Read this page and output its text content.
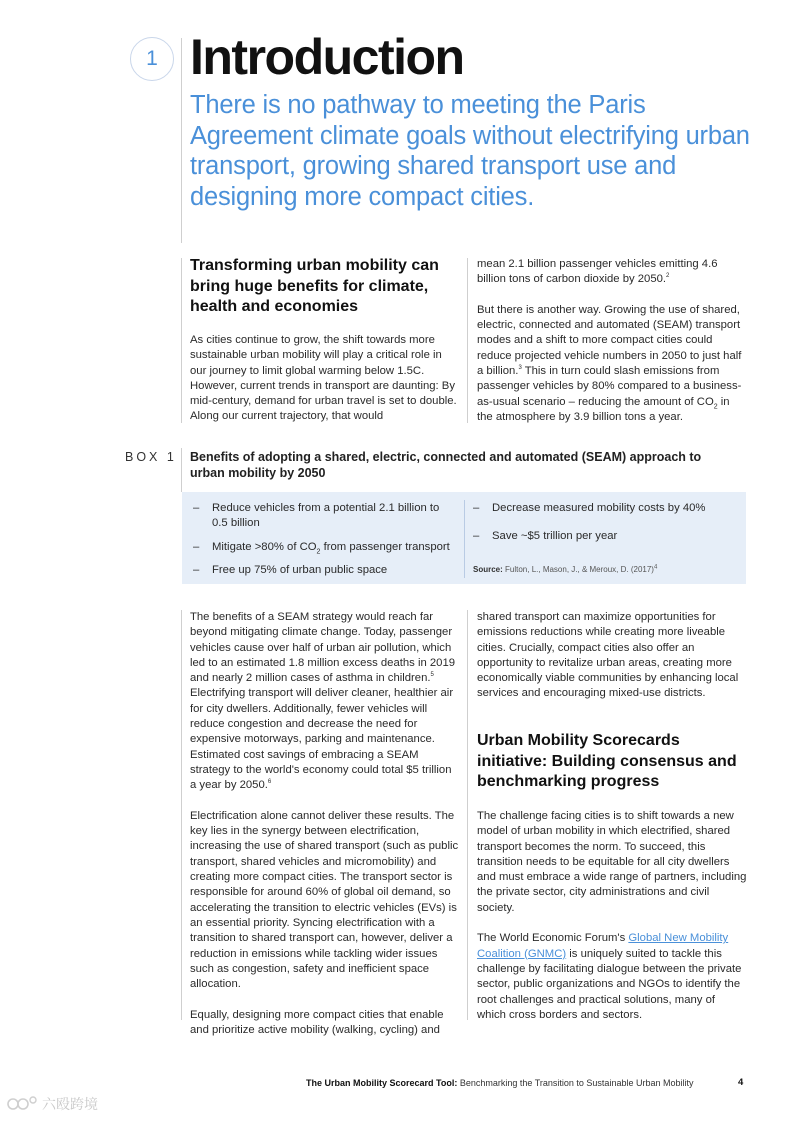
1 Introduction
There is no pathway to meeting the Paris Agreement climate goals without electrifying urban transport, growing shared transport use and designing more compact cities.
Transforming urban mobility can bring huge benefits for climate, health and economies

As cities continue to grow, the shift towards more sustainable urban mobility will play a critical role in our journey to limit global warming below 1.5C. However, current trends in transport are daunting: By mid-century, demand for urban travel is set to double. Along our current trajectory, that would

mean 2.1 billion passenger vehicles emitting 4.6 billion tons of carbon dioxide by 2050.$^2$

But there is another way. Growing the use of shared, electric, connected and automated (SEAM) transport modes and a shift to more compact cities could reduce projected vehicle numbers in 2050 to just half a billion.$^3$ This in turn could slash emissions from passenger vehicles by 80% compared to a business-as-usual scenario – reducing the amount of $CO_2$ in the atmosphere by 3.9 billion tons a year.

BOX 1 Benefits of adopting a shared, electric, connected and automated (SEAM) approach to urban mobility by 2050
–	Reduce vehicles from a potential 2.1 billion to 0.5 billion
–	Mitigate >80% of $CO_2$ from passenger transport
–	Free up 75% of urban public space
–	Decrease measured mobility costs by 40%
–	Save ~$5 trillion per year
Source: Fulton, L., Mason, J., & Meroux, D. $(2017)^4$

The benefits of a SEAM strategy would reach far beyond mitigating climate change. Today, passenger vehicles cause over half of urban air pollution, which led to an estimated 1.8 million excess deaths in 2019 and nearly 2 million cases of asthma in children.$^5$ Electrifying transport will deliver cleaner, healthier air for city dwellers. Additionally, fewer vehicles will reduce congestion and decrease the need for expensive motorways, parking and maintenance. Estimated cost savings of embracing a SEAM strategy to the world's economy could total $5 trillion a year by 2050.$^6$

Electrification alone cannot deliver these results. The key lies in the synergy between electrification, increasing the use of shared transport (such as public transport, shared vehicles and micromobility) and creating more compact cities. The transport sector is responsible for around 60% of global oil demand, so accelerating the transition to electric vehicles (EVs) is an essential priority. Syncing electrification with a transition to shared transport can, however, deliver a reduction in emissions while tackling wider issues such as congestion, safety and inefficient space allocation.

Equally, designing more compact cities that enable and prioritize active mobility (walking, cycling) and

shared transport can maximize opportunities for emissions reductions while creating more liveable cities. Crucially, compact cities also offer an opportunity to revitalize urban areas, creating more economically viable communities by enhancing local services and encouraging mixed-use districts.

Urban Mobility Scorecards initiative: Building consensus and benchmarking progress

The challenge facing cities is to shift towards a new model of urban mobility in which electrified, shared transport becomes the norm. To succeed, this transition needs to be equitable for all city dwellers and must embrace a wide range of partners, including the private sector, city administrations and civil society.

The World Economic Forum's Global New Mobility Coalition (GNMC) is uniquely suited to tackle this challenge by facilitating dialogue between the private sector, public organizations and NGOs to identify the root challenges and practical solutions, many of which cross borders and sectors.

The Urban Mobility Scorecard Tool: Benchmarking the Transition to Sustainable Urban Mobility	4
六殴跨境
